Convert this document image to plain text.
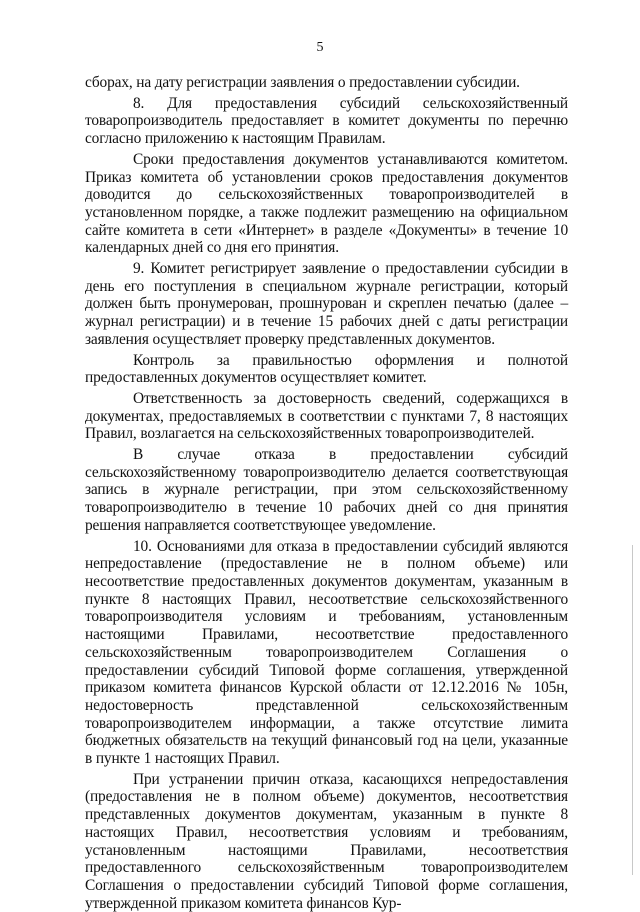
5

сборах, на дату регистрации заявления о предоставлении субсидии.

8. Для предоставления субсидий сельскохозяйственный товаропроизводитель предоставляет в комитет документы по перечню согласно приложению к настоящим Правилам.

Сроки предоставления документов устанавливаются комитетом. Приказ комитета об установлении сроков предоставления документов доводится до сельскохозяйственных товаропроизводителей в установленном порядке, а также подлежит размещению на официальном сайте комитета в сети «Интернет» в разделе «Документы» в течение 10 календарных дней со дня его принятия.

9. Комитет регистрирует заявление о предоставлении субсидии в день его поступления в специальном журнале регистрации, который должен быть пронумерован, прошнурован и скреплен печатью (далее – журнал регистрации) и в течение 15 рабочих дней с даты регистрации заявления осуществляет проверку представленных документов.

Контроль за правильностью оформления и полнотой предоставленных документов осуществляет комитет.

Ответственность за достоверность сведений, содержащихся в документах, предоставляемых в соответствии с пунктами 7, 8 настоящих Правил, возлагается на сельскохозяйственных товаропроизводителей.

В случае отказа в предоставлении субсидий сельскохозяйственному товаропроизводителю делается соответствующая запись в журнале регистрации, при этом сельскохозяйственному товаропроизводителю в течение 10 рабочих дней со дня принятия решения направляется соответствующее уведомление.

10. Основаниями для отказа в предоставлении субсидий являются непредоставление (предоставление не в полном объеме) или несоответствие предоставленных документов документам, указанным в пункте 8 настоящих Правил, несоответствие сельскохозяйственного товаропроизводителя условиям и требованиям, установленным настоящими Правилами, несоответствие предоставленного сельскохозяйственным товаропроизводителем Соглашения о предоставлении субсидий Типовой форме соглашения, утвержденной приказом комитета финансов Курской области от 12.12.2016 № 105н, недостоверность представленной сельскохозяйственным товаропроизводителем информации, а также отсутствие лимита бюджетных обязательств на текущий финансовый год на цели, указанные в пункте 1 настоящих Правил.

При устранении причин отказа, касающихся непредоставления (предоставления не в полном объеме) документов, несоответствия представленных документов документам, указанным в пункте 8 настоящих Правил, несоответствия условиям и требованиям, установленным настоящими Правилами, несоответствия предоставленного сельскохозяйственным товаропроизводителем Соглашения о предоставлении субсидий Типовой форме соглашения, утвержденной приказом комитета финансов Кур-
